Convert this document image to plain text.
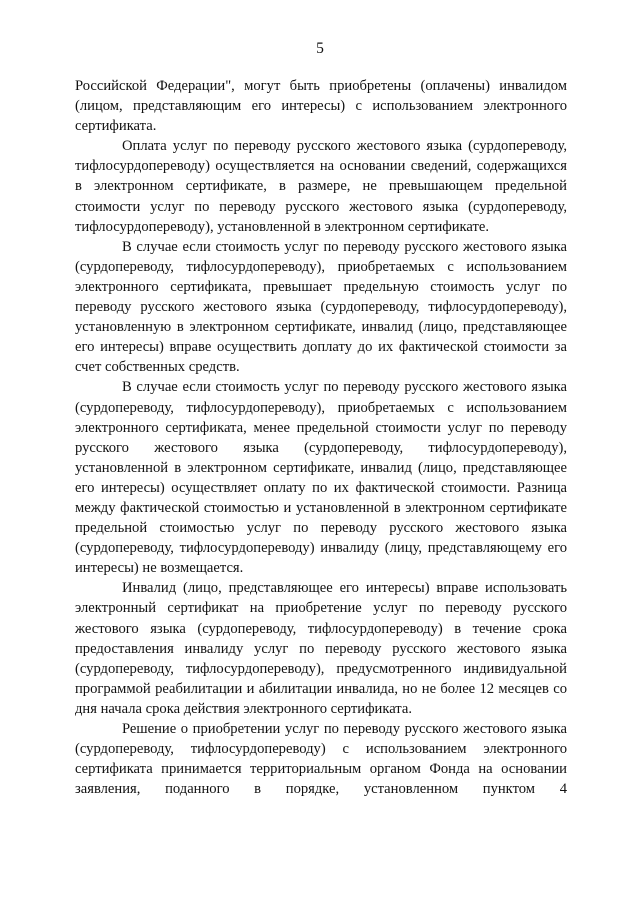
5

Российской Федерации", могут быть приобретены (оплачены) инвалидом (лицом, представляющим его интересы) с использованием электронного сертификата.

Оплата услуг по переводу русского жестового языка (сурдопереводу, тифлосурдопереводу) осуществляется на основании сведений, содержащихся в электронном сертификате, в размере, не превышающем предельной стоимости услуг по переводу русского жестового языка (сурдопереводу, тифлосурдопереводу), установленной в электронном сертификате.

В случае если стоимость услуг по переводу русского жестового языка (сурдопереводу, тифлосурдопереводу), приобретаемых с использованием электронного сертификата, превышает предельную стоимость услуг по переводу русского жестового языка (сурдопереводу, тифлосурдопереводу), установленную в электронном сертификате, инвалид (лицо, представляющее его интересы) вправе осуществить доплату до их фактической стоимости за счет собственных средств.

В случае если стоимость услуг по переводу русского жестового языка (сурдопереводу, тифлосурдопереводу), приобретаемых с использованием электронного сертификата, менее предельной стоимости услуг по переводу русского жестового языка (сурдопереводу, тифлосурдопереводу), установленной в электронном сертификате, инвалид (лицо, представляющее его интересы) осуществляет оплату по их фактической стоимости. Разница между фактической стоимостью и установленной в электронном сертификате предельной стоимостью услуг по переводу русского жестового языка (сурдопереводу, тифлосурдопереводу) инвалиду (лицу, представляющему его интересы) не возмещается.

Инвалид (лицо, представляющее его интересы) вправе использовать электронный сертификат на приобретение услуг по переводу русского жестового языка (сурдопереводу, тифлосурдопереводу) в течение срока предоставления инвалиду услуг по переводу русского жестового языка (сурдопереводу, тифлосурдопереводу), предусмотренного индивидуальной программой реабилитации и абилитации инвалида, но не более 12 месяцев со дня начала срока действия электронного сертификата.

Решение о приобретении услуг по переводу русского жестового языка (сурдопереводу, тифлосурдопереводу) с использованием электронного сертификата принимается территориальным органом Фонда на основании заявления, поданного в порядке, установленном пунктом 4
